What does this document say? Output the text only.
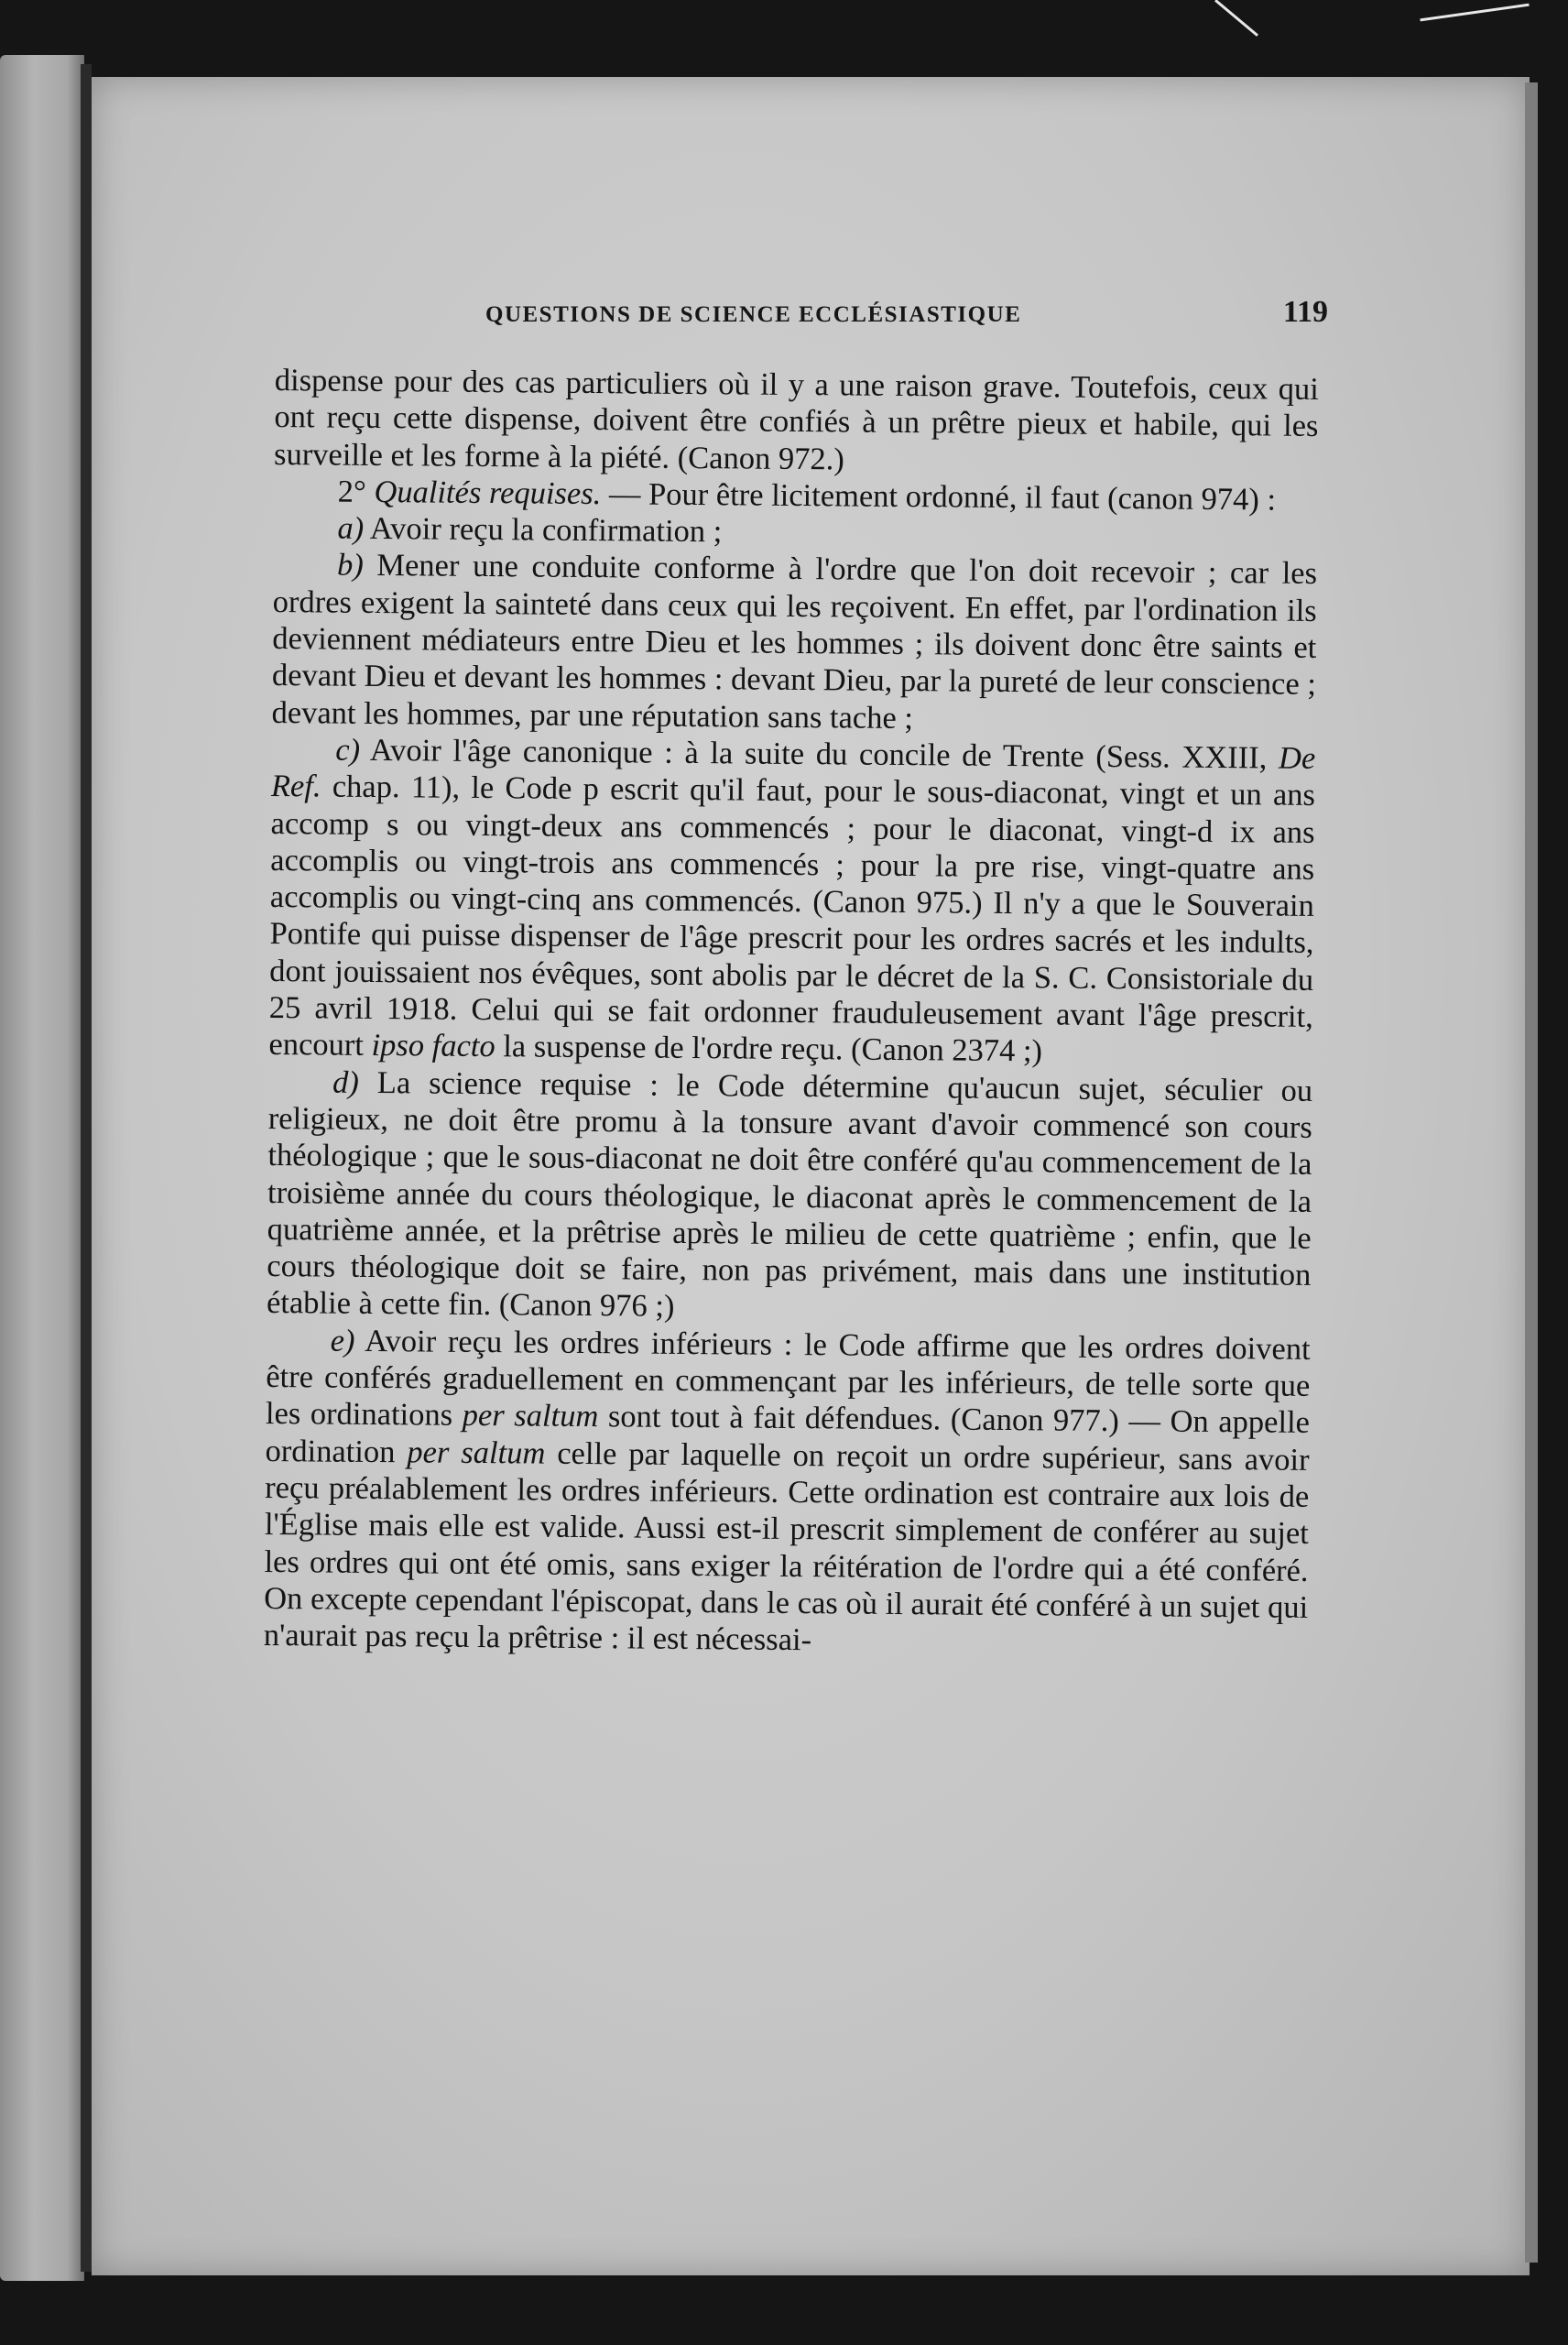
QUESTIONS DE SCIENCE ECCLÉSIASTIQUE	119

dispense pour des cas particuliers où il y a une raison grave. Toutefois, ceux qui ont reçu cette dispense, doivent être confiés à un prêtre pieux et habile, qui les surveille et les forme à la piété. (Canon 972.)

2° Qualités requises. — Pour être licitement ordonné, il faut (canon 974) :

a) Avoir reçu la confirmation ;

b) Mener une conduite conforme à l'ordre que l'on doit recevoir ; car les ordres exigent la sainteté dans ceux qui les reçoivent. En effet, par l'ordination ils deviennent médiateurs entre Dieu et les hommes ; ils doivent donc être saints et devant Dieu et devant les hommes : devant Dieu, par la pureté de leur conscience ; devant les hommes, par une réputation sans tache ;

c) Avoir l'âge canonique : à la suite du concile de Trente (Sess. XXIII, De Ref. chap. 11), le Code p escrit qu'il faut, pour le sous-diaconat, vingt et un ans accomp s ou vingt-deux ans commencés ; pour le diaconat, vingt-d ix ans accomplis ou vingt-trois ans commencés ; pour la pre rise, vingt-quatre ans accomplis ou vingt-cinq ans commencés. (Canon 975.) Il n'y a que le Souverain Pontife qui puisse dispenser de l'âge prescrit pour les ordres sacrés et les indults, dont jouissaient nos évêques, sont abolis par le décret de la S. C. Consistoriale du 25 avril 1918. Celui qui se fait ordonner frauduleusement avant l'âge prescrit, encourt ipso facto la suspense de l'ordre reçu. (Canon 2374 ;)

d) La science requise : le Code détermine qu'aucun sujet, séculier ou religieux, ne doit être promu à la tonsure avant d'avoir commencé son cours théologique ; que le sous-diaconat ne doit être conféré qu'au commencement de la troisième année du cours théologique, le diaconat après le commencement de la quatrième année, et la prêtrise après le milieu de cette quatrième ; enfin, que le cours théologique doit se faire, non pas privément, mais dans une institution établie à cette fin. (Canon 976 ;)

e) Avoir reçu les ordres inférieurs : le Code affirme que les ordres doivent être conférés graduellement en commençant par les inférieurs, de telle sorte que les ordinations per saltum sont tout à fait défendues. (Canon 977.) — On appelle ordination per saltum celle par laquelle on reçoit un ordre supérieur, sans avoir reçu préalablement les ordres inférieurs. Cette ordination est contraire aux lois de l'Église mais elle est valide. Aussi est-il prescrit simplement de conférer au sujet les ordres qui ont été omis, sans exiger la réitération de l'ordre qui a été conféré. On excepte cependant l'épiscopat, dans le cas où il aurait été conféré à un sujet qui n'aurait pas reçu la prêtrise : il est nécessai-
